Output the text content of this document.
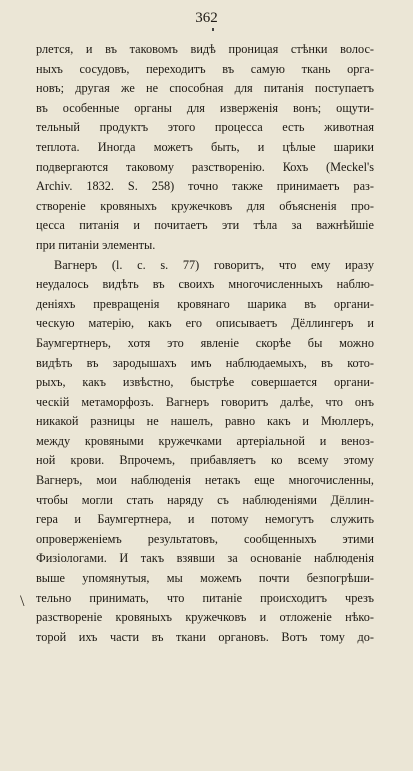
362
\
рлется, и въ таковомъ видѣ проницая стѣнки волос-
ныхъ сосудовъ, переходитъ въ самую ткань орга-
новъ; другая же не способная для питанія поступаетъ
въ особенные органы для изверженія вонъ; ощути-
тельный продуктъ этого процесса есть животная
теплота. Иногда можетъ быть, и цѣлые шарики
подвергаются таковому разстворенію. Кохъ (Meckel's
Archiv. 1832. S. 258) точно также принимаетъ раз-
створеніе кровяныхъ кружечковъ для объясненія про-
цесса питанія и почитаетъ эти тѣла за важнѣйшіе
при питаніи элементы.
Вагнеръ (l. c. s. 77) говоритъ, что ему иразу
неудалось видѣть въ своихъ многочисленныхъ наблю-
деніяхъ превращенія кровянаго шарика въ органи-
ческую матерію, какъ его описываетъ Дёллингеръ и
Баумгертнеръ, хотя это явленіе скорѣе бы можно
видѣть въ зародышахъ имъ наблюдаемыхъ, въ кото-
рыхъ, какъ извѣстно, быстрѣе совершается органи-
ческій метаморфозъ. Вагнеръ говоритъ далѣе, что онъ
никакой разницы не нашелъ, равно какъ и Мюллеръ,
между кровяными кружечками артеріальной и веноз-
ной крови. Впрочемъ, прибавляетъ ко всему этому
Вагнеръ, мои наблюденія нетакъ еще многочисленны,
чтобы могли стать наряду съ наблюденіями Дёллин-
гера и Баумгертнера, и потому немогутъ служить
опроверженіемъ результатовъ, сообщенныхъ этими
Физіологами. И такъ взявши за основаніе наблюденія
выше упомянутыя, мы можемъ почти безпогрѣши-
тельно принимать, что питаніе происходитъ чрезъ
разствореніе кровяныхъ кружечковъ и отложеніе нѣко-
торой ихъ части въ ткани органовъ. Вотъ тому до-
